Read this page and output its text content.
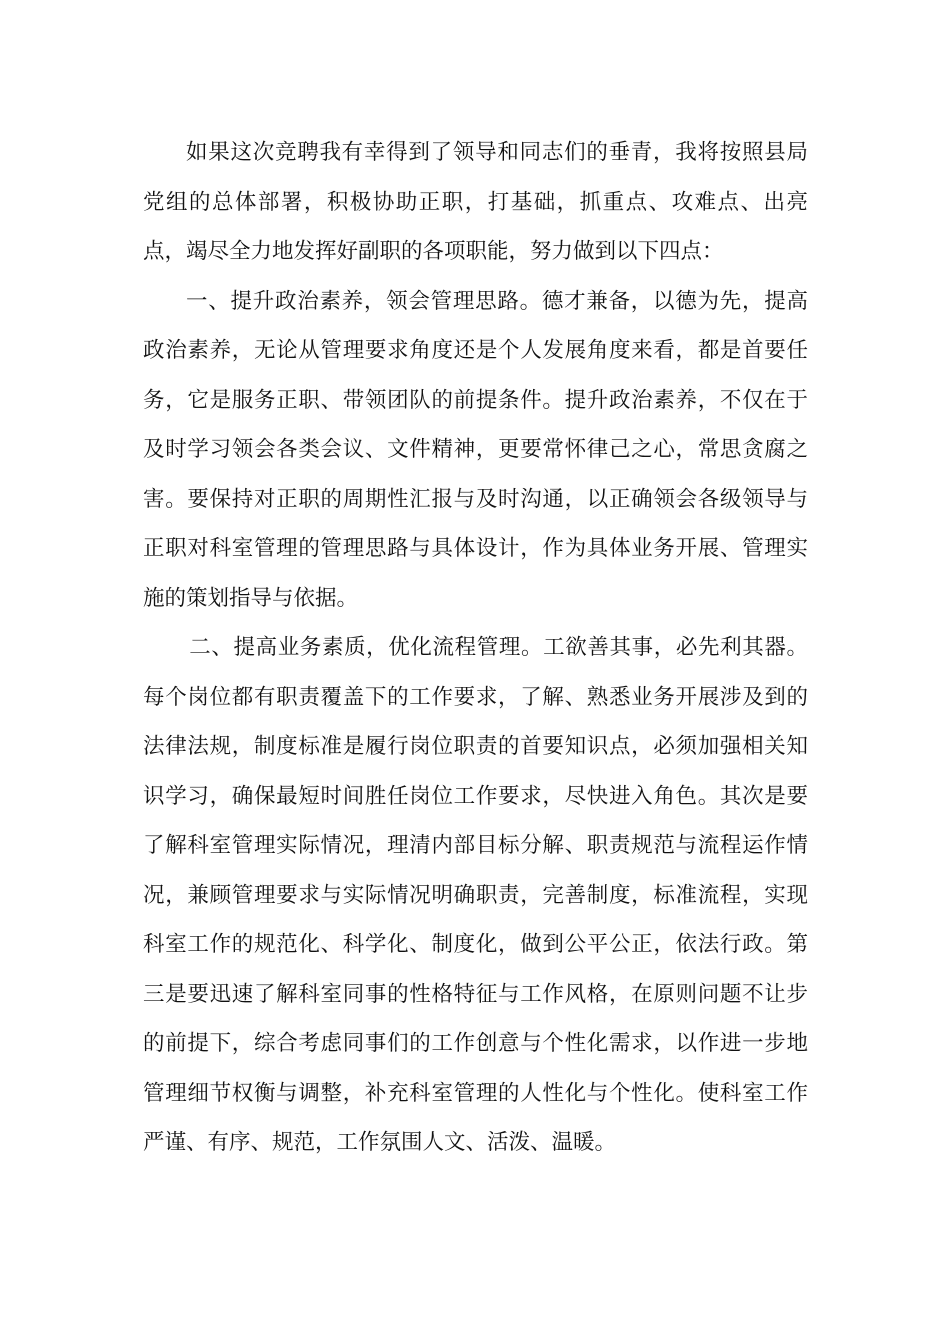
如果这次竞聘我有幸得到了领导和同志们的垂青，我将按照县局党组的总体部署，积极协助正职，打基础，抓重点、攻难点、出亮点，竭尽全力地发挥好副职的各项职能，努力做到以下四点：

一、提升政治素养，领会管理思路。德才兼备，以德为先，提高政治素养，无论从管理要求角度还是个人发展角度来看，都是首要任务，它是服务正职、带领团队的前提条件。提升政治素养，不仅在于及时学习领会各类会议、文件精神，更要常怀律己之心，常思贪腐之害。要保持对正职的周期性汇报与及时沟通，以正确领会各级领导与正职对科室管理的管理思路与具体设计，作为具体业务开展、管理实施的策划指导与依据。

二、提高业务素质，优化流程管理。工欲善其事，必先利其器。每个岗位都有职责覆盖下的工作要求，了解、熟悉业务开展涉及到的法律法规，制度标准是履行岗位职责的首要知识点，必须加强相关知识学习，确保最短时间胜任岗位工作要求，尽快进入角色。其次是要了解科室管理实际情况，理清内部目标分解、职责规范与流程运作情况，兼顾管理要求与实际情况明确职责，完善制度，标准流程，实现科室工作的规范化、科学化、制度化，做到公平公正，依法行政。第三是要迅速了解科室同事的性格特征与工作风格，在原则问题不让步的前提下，综合考虑同事们的工作创意与个性化需求，以作进一步地管理细节权衡与调整，补充科室管理的人性化与个性化。使科室工作严谨、有序、规范，工作氛围人文、活泼、温暖。
